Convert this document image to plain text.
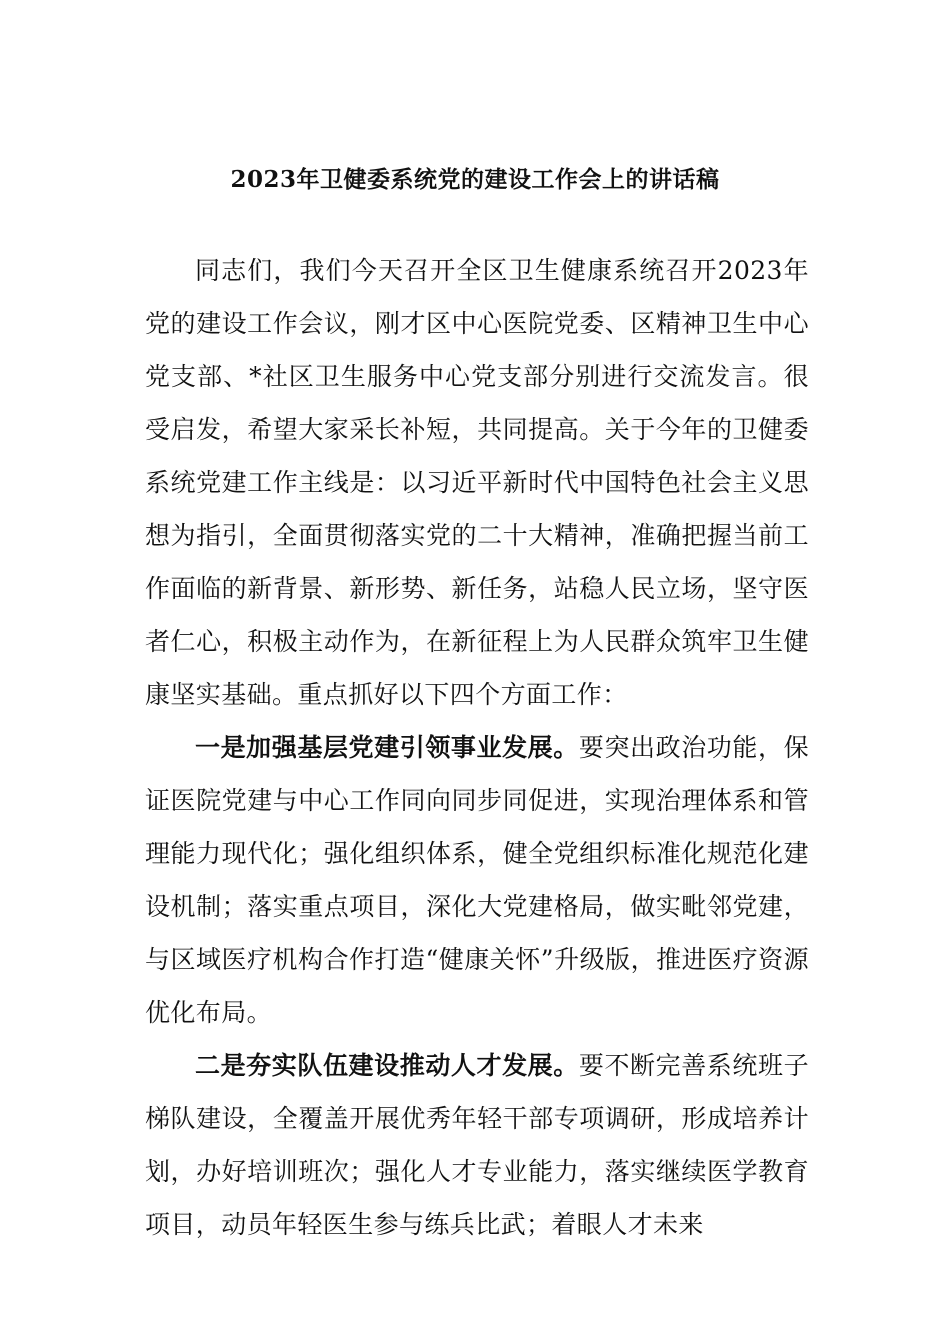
2023年卫健委系统党的建设工作会上的讲话稿

同志们，我们今天召开全区卫生健康系统召开2023年党的建设工作会议，刚才区中心医院党委、区精神卫生中心党支部、*社区卫生服务中心党支部分别进行交流发言。很受启发，希望大家采长补短，共同提高。关于今年的卫健委系统党建工作主线是：以习近平新时代中国特色社会主义思想为指引，全面贯彻落实党的二十大精神，准确把握当前工作面临的新背景、新形势、新任务，站稳人民立场，坚守医者仁心，积极主动作为，在新征程上为人民群众筑牢卫生健康坚实基础。重点抓好以下四个方面工作：

一是加强基层党建引领事业发展。要突出政治功能，保证医院党建与中心工作同向同步同促进，实现治理体系和管理能力现代化；强化组织体系，健全党组织标准化规范化建设机制；落实重点项目，深化大党建格局，做实毗邻党建，与区域医疗机构合作打造“健康关怀”升级版，推进医疗资源优化布局。

二是夯实队伍建设推动人才发展。要不断完善系统班子梯队建设，全覆盖开展优秀年轻干部专项调研，形成培养计划，办好培训班次；强化人才专业能力，落实继续医学教育项目，动员年轻医生参与练兵比武；着眼人才未来
